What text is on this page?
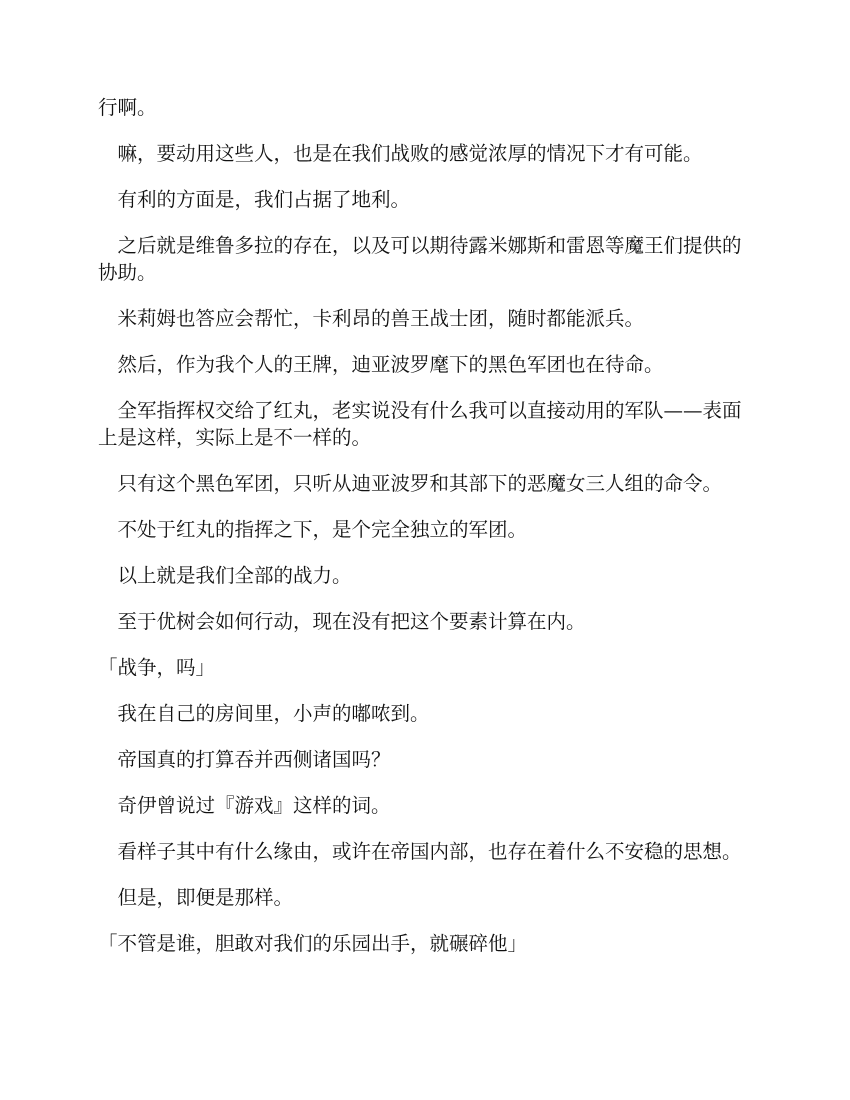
行啊。

嘛，要动用这些人，也是在我们战败的感觉浓厚的情况下才有可能。

有利的方面是，我们占据了地利。

之后就是维鲁多拉的存在，以及可以期待露米娜斯和雷恩等魔王们提供的协助。

米莉姆也答应会帮忙，卡利昂的兽王战士团，随时都能派兵。

然后，作为我个人的王牌，迪亚波罗麾下的黑色军团也在待命。

全军指挥权交给了红丸，老实说没有什么我可以直接动用的军队——表面上是这样，实际上是不一样的。

只有这个黑色军团，只听从迪亚波罗和其部下的恶魔女三人组的命令。

不处于红丸的指挥之下，是个完全独立的军团。

以上就是我们全部的战力。

至于优树会如何行动，现在没有把这个要素计算在内。

「战争，吗」

我在自己的房间里，小声的嘟哝到。

帝国真的打算吞并西侧诸国吗？

奇伊曾说过『游戏』这样的词。

看样子其中有什么缘由，或许在帝国内部，也存在着什么不安稳的思想。

但是，即便是那样。

「不管是谁，胆敢对我们的乐园出手，就碾碎他」
